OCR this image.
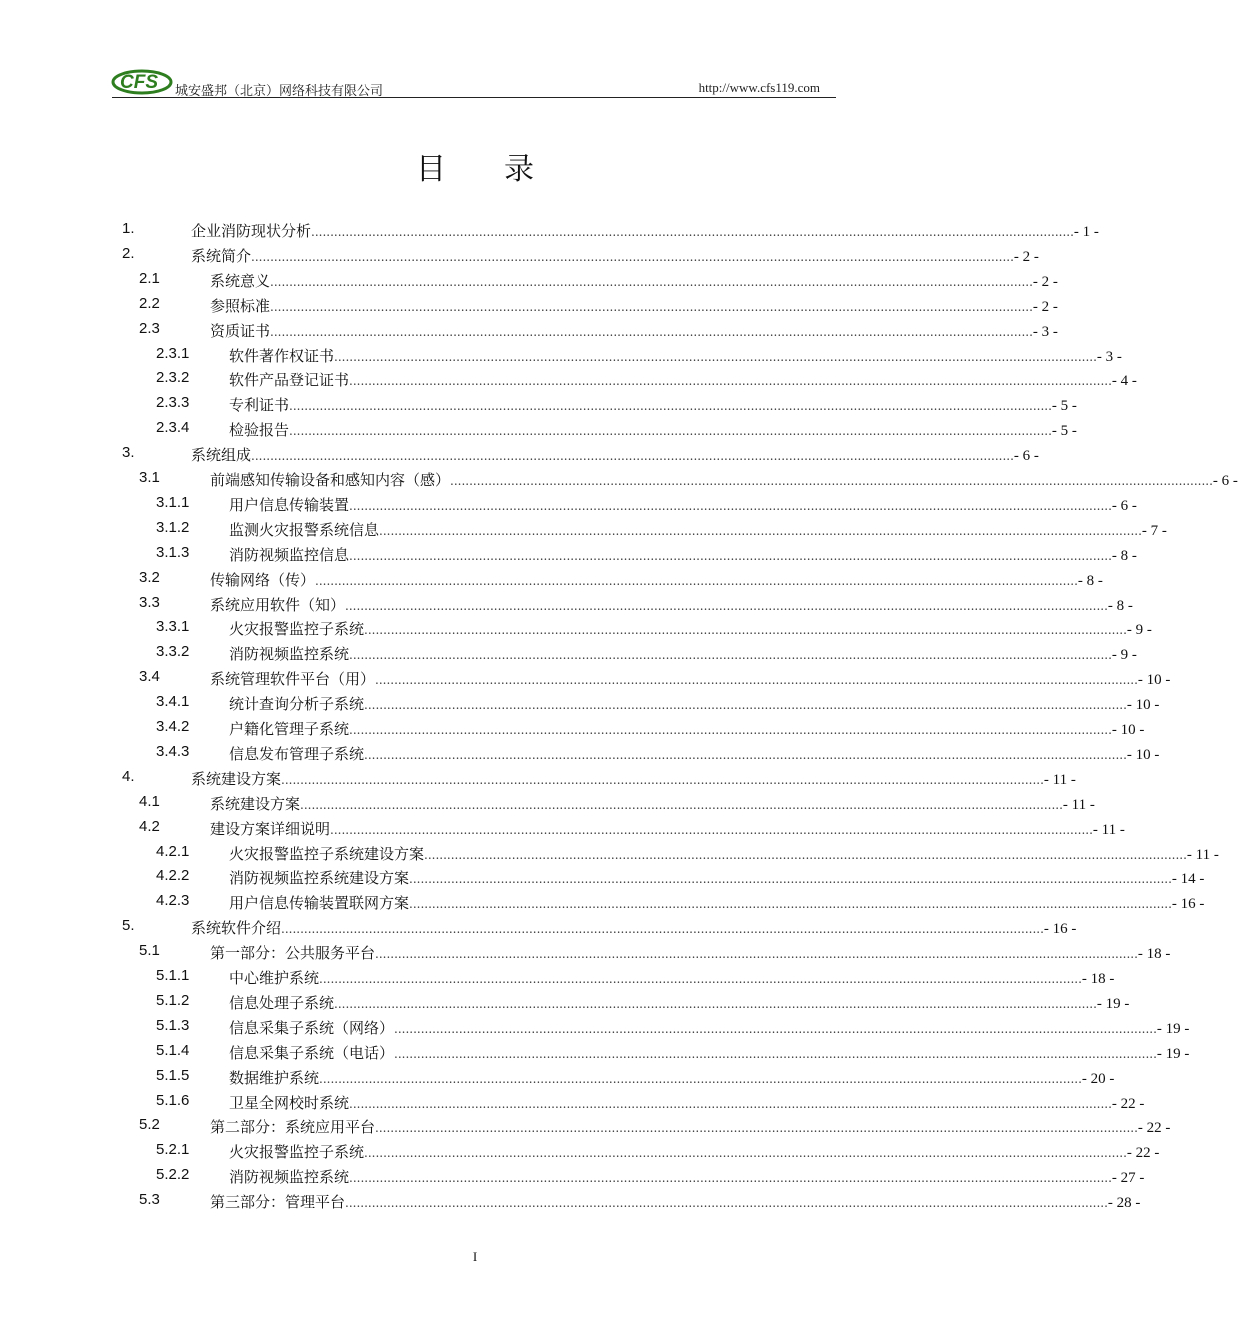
CFS 城安盛邦（北京）网络科技有限公司	http://www.cfs119.com
目录
1.	企业消防现状分析 ........................................................................................................................................................................................................ - 1 -
2.	系统简介 ........................................................................................................................................................................................................ - 2 -
2.1	系统意义 ........................................................................................................................................................................................................ - 2 -
2.2	参照标准 ........................................................................................................................................................................................................ - 2 -
2.3	资质证书 ........................................................................................................................................................................................................ - 3 -
2.3.1	软件著作权证书 ........................................................................................................................................................................................................ - 3 -
2.3.2	软件产品登记证书 ........................................................................................................................................................................................................ - 4 -
2.3.3	专利证书 ........................................................................................................................................................................................................ - 5 -
2.3.4	检验报告 ........................................................................................................................................................................................................ - 5 -
3.	系统组成 ........................................................................................................................................................................................................ - 6 -
3.1	前端感知传输设备和感知内容（感） ........................................................................................................................................................................................................ - 6 -
3.1.1	用户信息传输装置 ........................................................................................................................................................................................................ - 6 -
3.1.2	监测火灾报警系统信息 ........................................................................................................................................................................................................ - 7 -
3.1.3	消防视频监控信息 ........................................................................................................................................................................................................ - 8 -
3.2	传输网络（传） ........................................................................................................................................................................................................ - 8 -
3.3	系统应用软件（知） ........................................................................................................................................................................................................ - 8 -
3.3.1	火灾报警监控子系统 ........................................................................................................................................................................................................ - 9 -
3.3.2	消防视频监控系统 ........................................................................................................................................................................................................ - 9 -
3.4	系统管理软件平台（用） ........................................................................................................................................................................................................ - 10 -
3.4.1	统计查询分析子系统 ........................................................................................................................................................................................................ - 10 -
3.4.2	户籍化管理子系统 ........................................................................................................................................................................................................ - 10 -
3.4.3	信息发布管理子系统 ........................................................................................................................................................................................................ - 10 -
4.	系统建设方案 ........................................................................................................................................................................................................ - 11 -
4.1	系统建设方案 ........................................................................................................................................................................................................ - 11 -
4.2	建设方案详细说明 ........................................................................................................................................................................................................ - 11 -
4.2.1	火灾报警监控子系统建设方案 ........................................................................................................................................................................................................ - 11 -
4.2.2	消防视频监控系统建设方案 ........................................................................................................................................................................................................ - 14 -
4.2.3	用户信息传输装置联网方案 ........................................................................................................................................................................................................ - 16 -
5.	系统软件介绍 ........................................................................................................................................................................................................ - 16 -
5.1	第一部分：公共服务平台 ........................................................................................................................................................................................................ - 18 -
5.1.1	中心维护系统 ........................................................................................................................................................................................................ - 18 -
5.1.2	信息处理子系统 ........................................................................................................................................................................................................ - 19 -
5.1.3	信息采集子系统（网络） ........................................................................................................................................................................................................ - 19 -
5.1.4	信息采集子系统（电话） ........................................................................................................................................................................................................ - 19 -
5.1.5	数据维护系统 ........................................................................................................................................................................................................ - 20 -
5.1.6	卫星全网校时系统 ........................................................................................................................................................................................................ - 22 -
5.2	第二部分：系统应用平台 ........................................................................................................................................................................................................ - 22 -
5.2.1	火灾报警监控子系统 ........................................................................................................................................................................................................ - 22 -
5.2.2	消防视频监控系统 ........................................................................................................................................................................................................ - 27 -
5.3	第三部分：管理平台 ........................................................................................................................................................................................................ - 28 -
I
